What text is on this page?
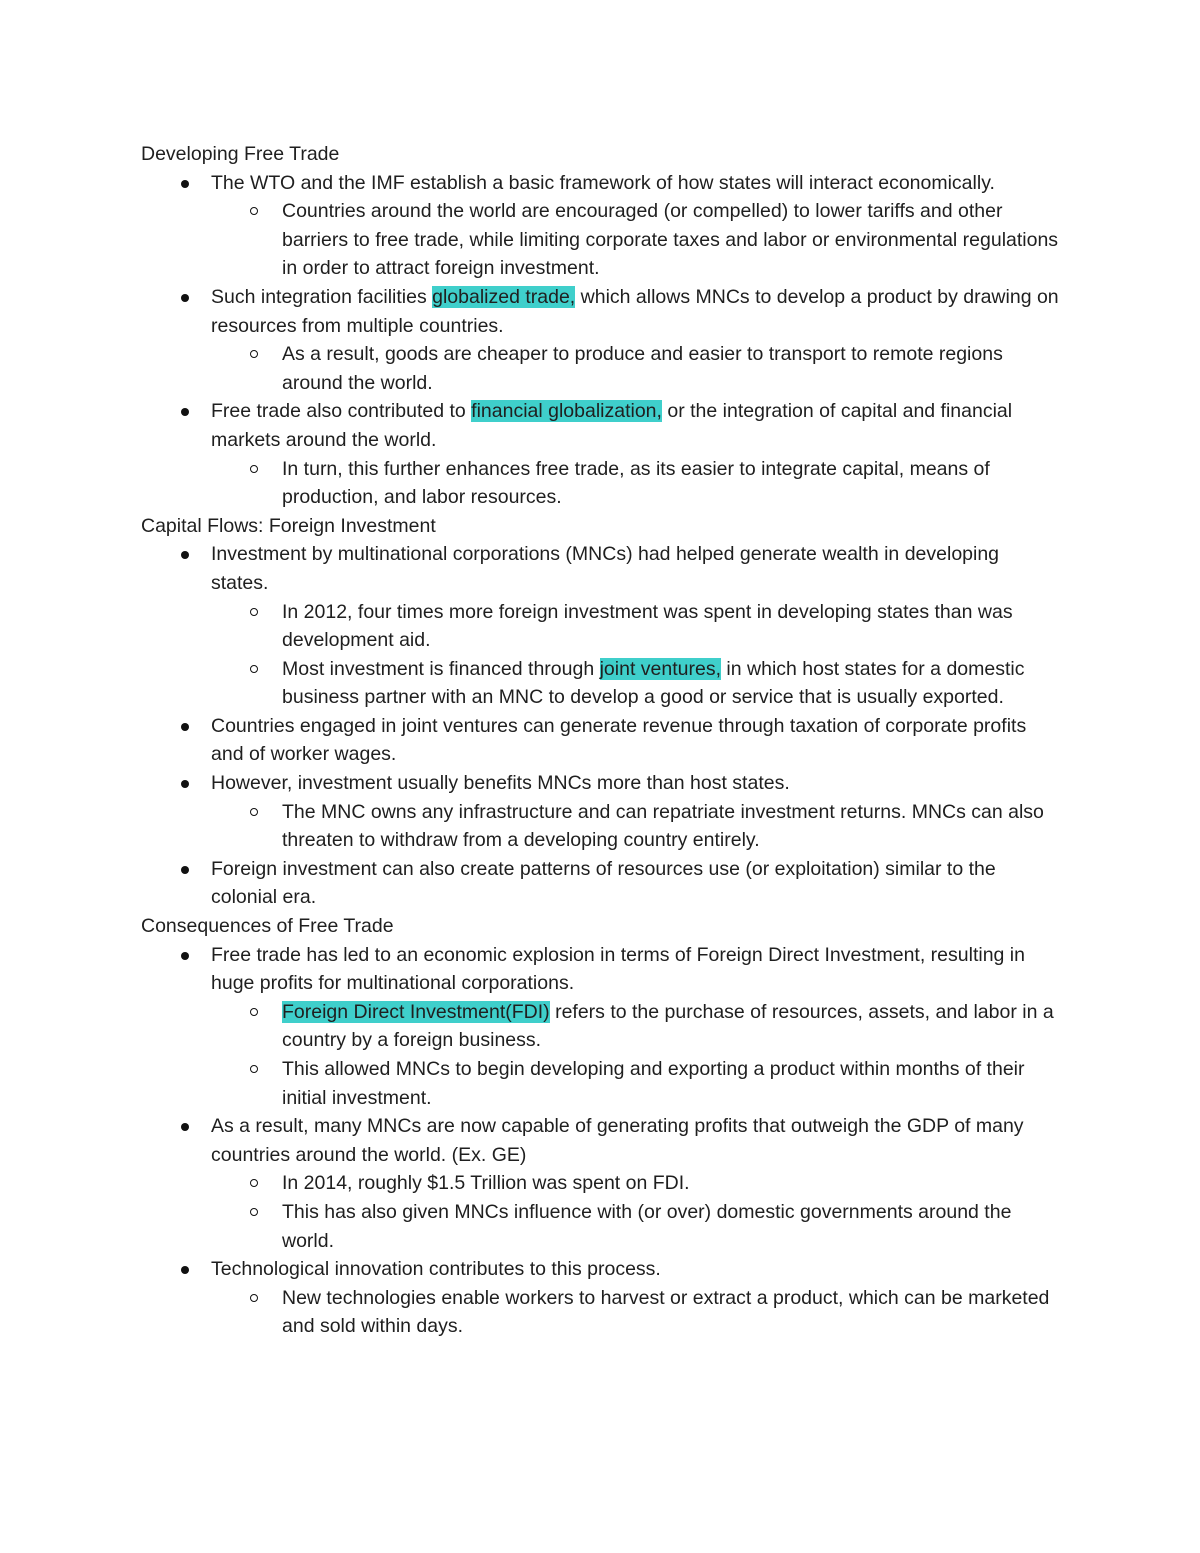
Developing Free Trade
The WTO and the IMF establish a basic framework of how states will interact economically.
Countries around the world are encouraged (or compelled) to lower tariffs and other barriers to free trade, while limiting corporate taxes and labor or environmental regulations in order to attract foreign investment.
Such integration facilities globalized trade, which allows MNCs to develop a product by drawing on resources from multiple countries.
As a result, goods are cheaper to produce and easier to transport to remote regions around the world.
Free trade also contributed to financial globalization, or the integration of capital and financial markets around the world.
In turn, this further enhances free trade, as its easier to integrate capital, means of production, and labor resources.
Capital Flows: Foreign Investment
Investment by multinational corporations (MNCs) had helped generate wealth in developing states.
In 2012, four times more foreign investment was spent in developing states than was development aid.
Most investment is financed through joint ventures, in which host states for a domestic business partner with an MNC to develop a good or service that is usually exported.
Countries engaged in joint ventures can generate revenue through taxation of corporate profits and of worker wages.
However, investment usually benefits MNCs more than host states.
The MNC owns any infrastructure and can repatriate investment returns. MNCs can also threaten to withdraw from a developing country entirely.
Foreign investment can also create patterns of resources use (or exploitation) similar to the colonial era.
Consequences of Free Trade
Free trade has led to an economic explosion in terms of Foreign Direct Investment, resulting in huge profits for multinational corporations.
Foreign Direct Investment(FDI) refers to the purchase of resources, assets, and labor in a country by a foreign business.
This allowed MNCs to begin developing and exporting a product within months of their initial investment.
As a result, many MNCs are now capable of generating profits that outweigh the GDP of many countries around the world. (Ex. GE)
In 2014, roughly $1.5 Trillion was spent on FDI.
This has also given MNCs influence with (or over) domestic governments around the world.
Technological innovation contributes to this process.
New technologies enable workers to harvest or extract a product, which can be marketed and sold within days.
